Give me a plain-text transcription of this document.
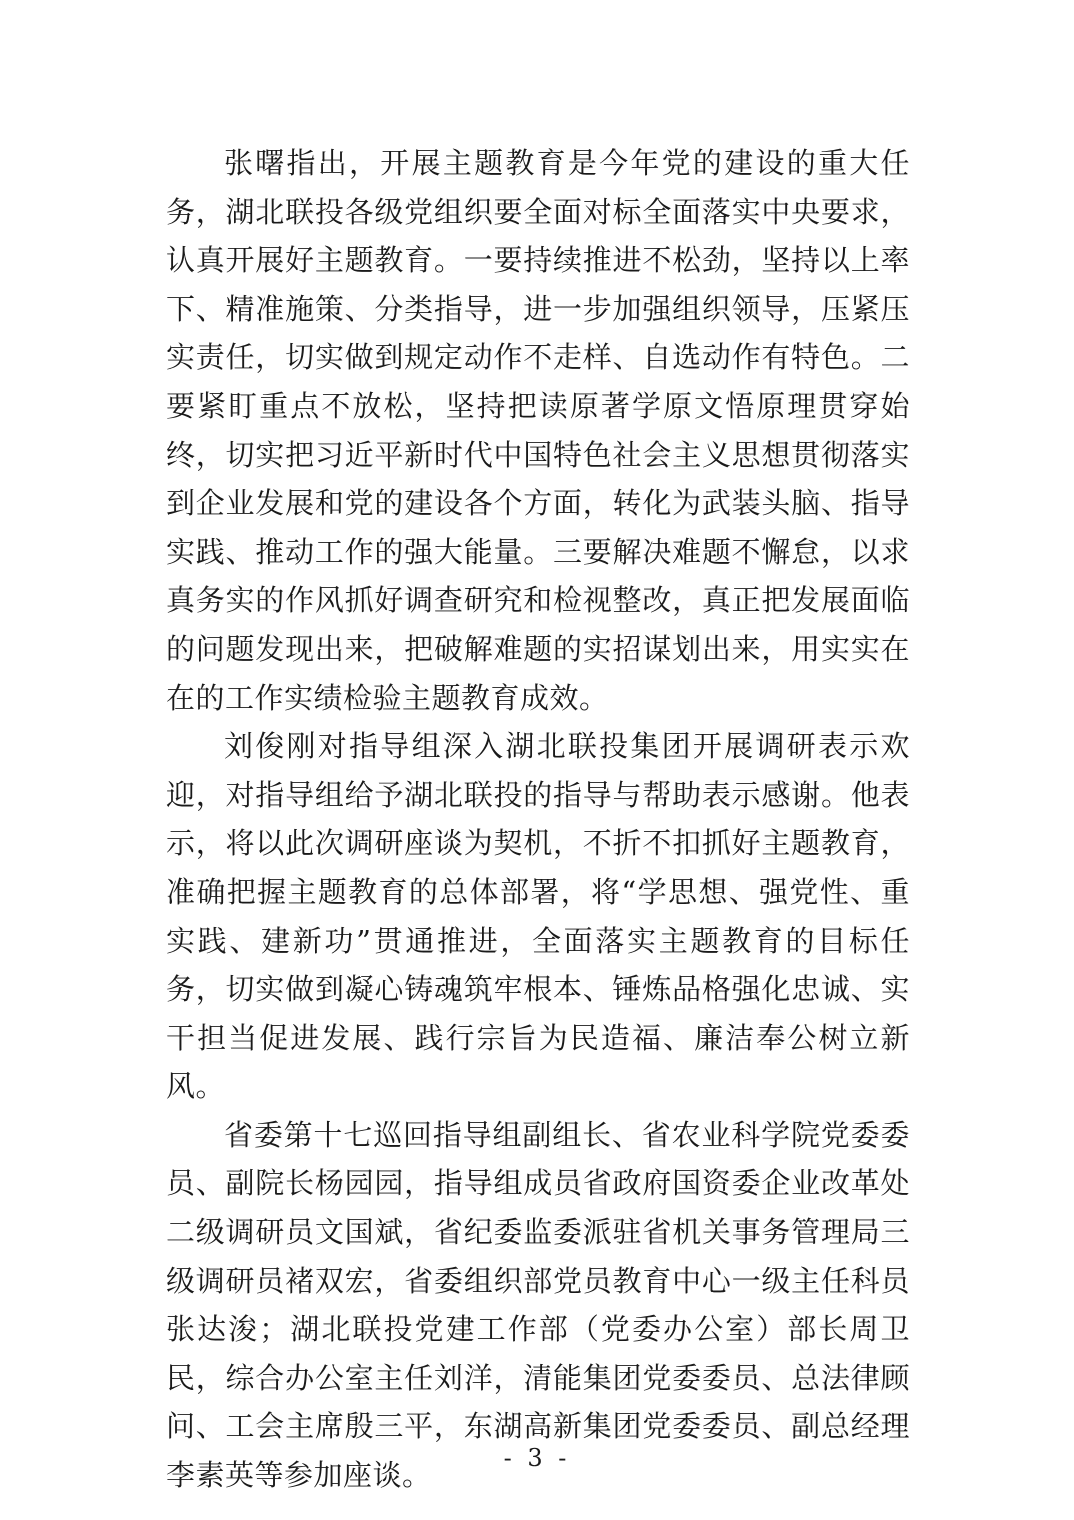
张曙指出，开展主题教育是今年党的建设的重大任务，湖北联投各级党组织要全面对标全面落实中央要求，认真开展好主题教育。一要持续推进不松劲，坚持以上率下、精准施策、分类指导，进一步加强组织领导，压紧压实责任，切实做到规定动作不走样、自选动作有特色。二要紧盯重点不放松，坚持把读原著学原文悟原理贯穿始终，切实把习近平新时代中国特色社会主义思想贯彻落实到企业发展和党的建设各个方面，转化为武装头脑、指导实践、推动工作的强大能量。三要解决难题不懈怠，以求真务实的作风抓好调查研究和检视整改，真正把发展面临的问题发现出来，把破解难题的实招谋划出来，用实实在在的工作实绩检验主题教育成效。

刘俊刚对指导组深入湖北联投集团开展调研表示欢迎，对指导组给予湖北联投的指导与帮助表示感谢。他表示，将以此次调研座谈为契机，不折不扣抓好主题教育，准确把握主题教育的总体部署，将“学思想、强党性、重实践、建新功”贯通推进，全面落实主题教育的目标任务，切实做到凝心铸魂筑牢根本、锤炼品格强化忠诚、实干担当促进发展、践行宗旨为民造福、廉洁奉公树立新风。

省委第十七巡回指导组副组长、省农业科学院党委委员、副院长杨园园，指导组成员省政府国资委企业改革处二级调研员文国斌，省纪委监委派驻省机关事务管理局三级调研员褚双宏，省委组织部党员教育中心一级主任科员张达浚；湖北联投党建工作部（党委办公室）部长周卫民，综合办公室主任刘洋，清能集团党委委员、总法律顾问、工会主席殷三平，东湖高新集团党委委员、副总经理李素英等参加座谈。

- 3 -
